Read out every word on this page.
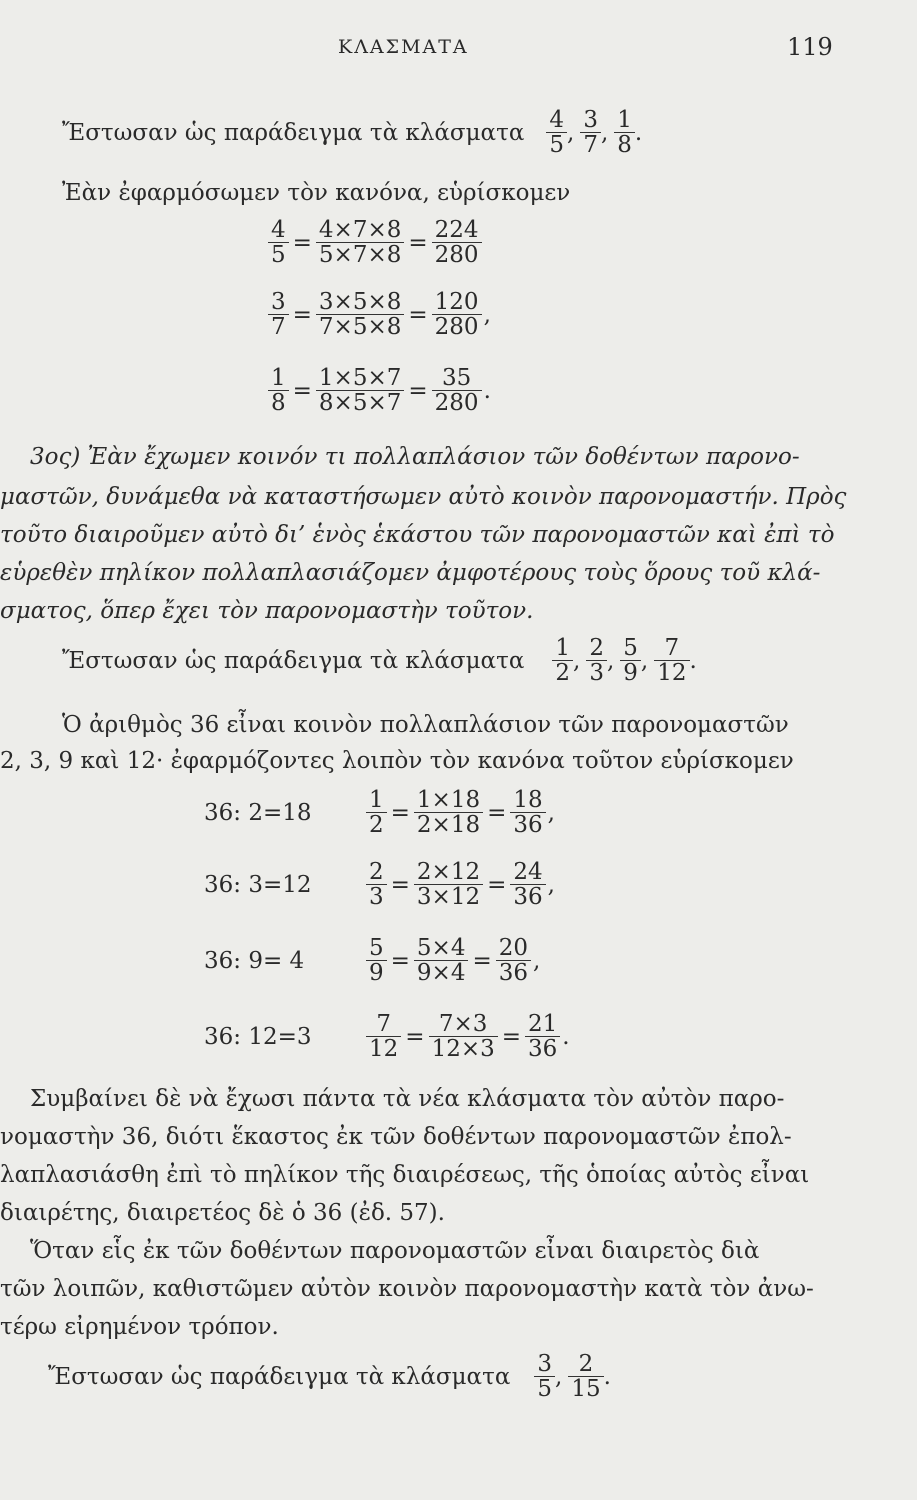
ΚΛΑΣΜΑΤΑ	119
Ἔστωσαν ὡς παράδειγμα τὰ κλάσματα $\frac{4}{5}$ , $\frac{3}{7}$ , $\frac{1}{8}$ .
Ἐὰν ἐφαρμόσωμεν τὸν κανόνα, εὑρίσκομεν
$\frac{4}{5} = \frac{4\times 7\times 8}{5\times 7\times 8} = \frac{224}{280}$
$\frac{3}{7} = \frac{3\times 5\times 8}{7\times 5\times 8} = \frac{120}{280}$ ,
$\frac{1}{8} = \frac{1\times 5\times 7}{8\times 5\times 7} = \frac{35}{280}$ .
3ος) Ἐὰν ἔχωμεν κοινόν τι πολλαπλάσιον τῶν δοθέντων παρονο-
μαστῶν, δυνάμεθα νὰ καταστήσωμεν αὐτὸ κοινὸν παρονομαστήν. Πρὸς
τοῦτο διαιροῦμεν αὐτὸ δι’ ἑνὸς ἑκάστου τῶν παρονομαστῶν καὶ ἐπὶ τὸ
εὑρεθὲν πηλίκον πολλαπλασιάζομεν ἀμφοτέρους τοὺς ὅρους τοῦ κλά-
σματος, ὅπερ ἔχει τὸν παρονομαστὴν τοῦτον.
Ἔστωσαν ὡς παράδειγμα τὰ κλάσματα $\frac{1}{2}$ , $\frac{2}{3}$ , $\frac{5}{9}$ , $\frac{7}{12}$ .
Ὁ ἀριθμὸς 36 εἶναι κοινὸν πολλαπλάσιον τῶν παρονομαστῶν
2, 3, 9 καὶ 12· ἐφαρμόζοντες λοιπὸν τὸν κανόνα τοῦτον εὑρίσκομεν
36: 2=18	$\frac{1}{2} = \frac{1\times 18}{2\times 18} = \frac{18}{36}$ ,
36: 3=12	$\frac{2}{3} = \frac{2\times 12}{3\times 12} = \frac{24}{36}$ ,
36: 9= 4	$\frac{5}{9} = \frac{5\times 4}{9\times 4} = \frac{20}{36}$ ,
36: 12=3	$\frac{7}{12} = \frac{7\times 3}{12\times 3} = \frac{21}{36}$ .
Συμβαίνει δὲ νὰ ἔχωσι πάντα τὰ νέα κλάσματα τὸν αὐτὸν παρο-
νομαστὴν 36, διότι ἕκαστος ἐκ τῶν δοθέντων παρονομαστῶν ἐπολ-
λαπλασιάσθη ἐπὶ τὸ πηλίκον τῆς διαιρέσεως, τῆς ὁποίας αὐτὸς εἶναι
διαιρέτης, διαιρετέος δὲ ὁ 36 (ἐδ. 57).
Ὅταν εἷς ἐκ τῶν δοθέντων παρονομαστῶν εἶναι διαιρετὸς διὰ
τῶν λοιπῶν, καθιστῶμεν αὐτὸν κοινὸν παρονομαστὴν κατὰ τὸν ἀνω-
τέρω εἰρημένον τρόπον.
Ἔστωσαν ὡς παράδειγμα τὰ κλάσματα $\frac{3}{5}$ , $\frac{2}{15}$ .
